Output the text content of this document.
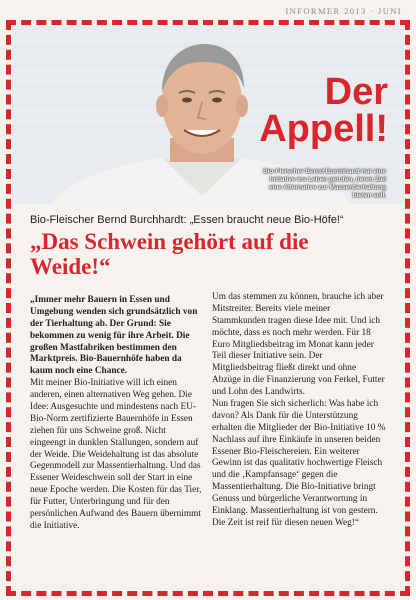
INFORMER 2013 · JUNI
Der
Appell!
Bio-Fleischer Bernd Burchhardt hat eine Initiative ins Leben gerufen, deren Ziel eine Alternative zur Massentierhaltung bieten soll.
Bio-Fleischer Bernd Burchhardt: „Essen braucht neue Bio-Höfe!“
„Das Schwein gehört auf die Weide!“

„Immer mehr Bauern in Essen und Umgebung wenden sich grundsätzlich von der Tierhaltung ab. Der Grund: Sie bekommen zu wenig für ihre Arbeit. Die großen Mastfabriken bestimmen den Marktpreis. Bio-Bauernhöfe haben da kaum noch eine Chance.

Mit meiner Bio-Initiative will ich einen anderen, einen alternativen Weg gehen. Die Idee: Ausgesuchte und mindestens nach EU-Bio-Norm zertifizierte Bauernhöfe in Essen ziehen für uns Schweine groß. Nicht eingeengt in dunklen Stallungen, sondern auf der Weide. Die Weidehaltung ist das absolute Gegenmodell zur Massentierhaltung. Und das Essener Weideschwein soll der Start in eine neue Epoche werden. Die Kosten für das Tier, für Futter, Unterbringung und für den persönlichen Aufwand des Bauern übernimmt die Initiative.

Um das stemmen zu können, brauche ich aber Mitstreiter. Bereits viele meiner Stammkunden tragen diese Idee mit. Und ich möchte, dass es noch mehr werden. Für 18 Euro Mitgliedsbeitrag im Monat kann jeder Teil dieser Initiative sein. Der Mitgliedsbeitrag fließt direkt und ohne Abzüge in die Finanzierung von Ferkel, Futter und Lohn des Landwirts.

Nun fragen Sie sich sicherlich: Was habe ich davon? Als Dank für die Unterstützung erhalten die Mitglieder der Bio-Initiative 10 % Nachlass auf ihre Einkäufe in unseren beiden Essener Bio-Fleischereien. Ein weiterer Gewinn ist das qualitativ hochwertige Fleisch und die ‚Kampfansage‘ gegen die Massentierhaltung. Die Bio-Initiative bringt Genuss und bürgerliche Verantwortung in Einklang. Massentierhaltung ist von gestern. Die Zeit ist reif für diesen neuen Weg!“
